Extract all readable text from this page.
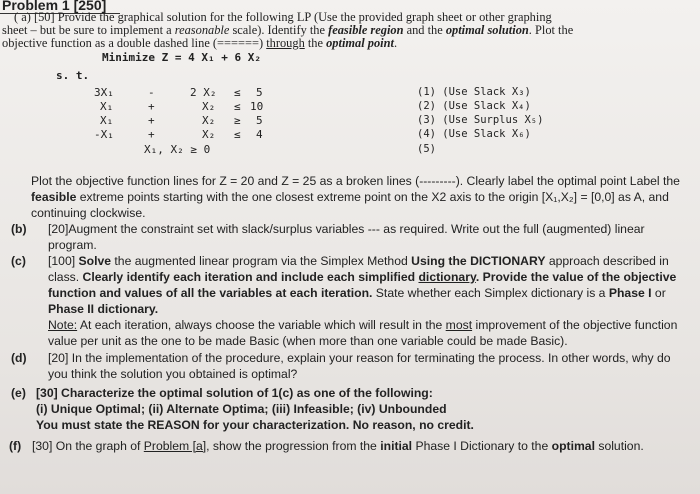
Problem 1 [250]
( a) [50] Provide the graphical solution for the following LP (Use the provided graph sheet or other graphing
sheet – but be sure to implement a reasonable scale). Identify the feasible region and the optimal solution. Plot the
objective function as a double dashed line (======) through the optimal point.
Minimize Z = 4 X₁ + 6 X₂
s. t.
3X₁	-	2 X₂ ≤ 5	(1) (Use Slack X₃)
X₁	+	X₂ ≤ 10	(2) (Use Slack X₄)
X₁	+	X₂ ≥ 5	(3) (Use Surplus X₅)
-X₁	+	X₂ ≤ 4	(4) (Use Slack X₆)
X₁, X₂ ≥ 0	(5)
Plot the objective function lines for Z = 20 and Z = 25 as a broken lines (---------). Clearly label the optimal point Label the
feasible extreme points starting with the one closest extreme point on the X2 axis to the origin [X₁,X₂] = [0,0] as A, and
continuing clockwise.
(b) [20]Augment the constraint set with slack/surplus variables --- as required. Write out the full (augmented) linear
program.
(c) [100] Solve the augmented linear program via the Simplex Method Using the DICTIONARY approach described in
class. Clearly identify each iteration and include each simplified dictionary. Provide the value of the objective
function and values of all the variables at each iteration. State whether each Simplex dictionary is a Phase I or
Phase II dictionary.
Note: At each iteration, always choose the variable which will result in the most improvement of the objective function
value per unit as the one to be made Basic (when more than one variable could be made Basic).
(d) [20] In the implementation of the procedure, explain your reason for terminating the process. In other words, why do
you think the solution you obtained is optimal?
(e) [30] Characterize the optimal solution of 1(c) as one of the following:
(i) Unique Optimal; (ii) Alternate Optima; (iii) Infeasible; (iv) Unbounded
You must state the REASON for your characterization. No reason, no credit.
(f) [30] On the graph of Problem [a], show the progression from the initial Phase I Dictionary to the optimal solution.
